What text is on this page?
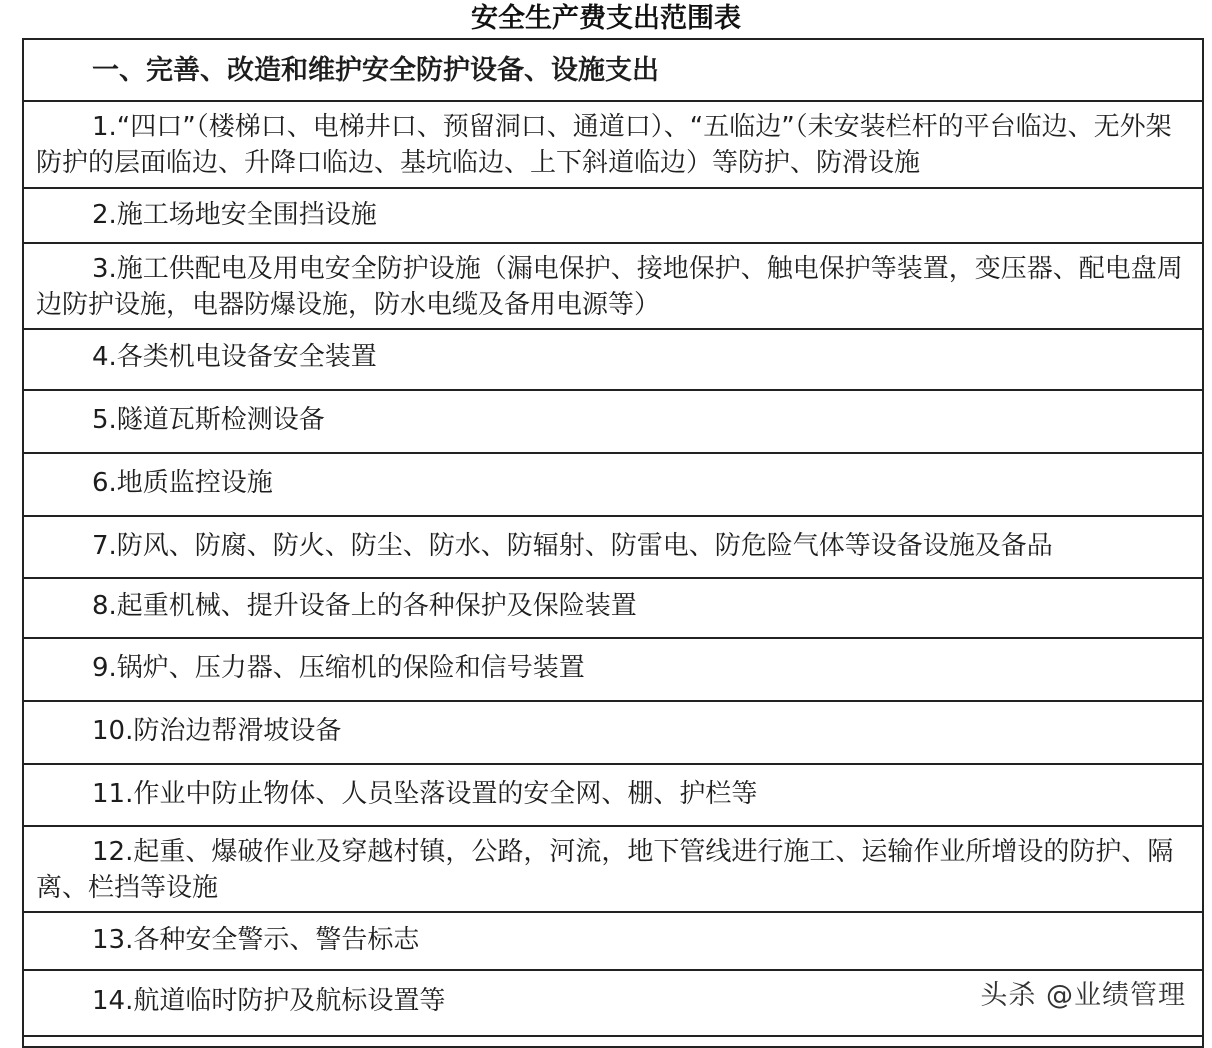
安全生产费支出范围表
一、完善、改造和维护安全防护设备、设施支出
1.“四口”（楼梯口、电梯井口、预留洞口、通道口）、“五临边”（未安装栏杆的平台临边、无外架防护的层面临边、升降口临边、基坑临边、上下斜道临边）等防护、防滑设施
2.施工场地安全围挡设施
3.施工供配电及用电安全防护设施（漏电保护、接地保护、触电保护等装置，变压器、配电盘周边防护设施，电器防爆设施，防水电缆及备用电源等）
4.各类机电设备安全装置
5.隧道瓦斯检测设备
6.地质监控设施
7.防风、防腐、防火、防尘、防水、防辐射、防雷电、防危险气体等设备设施及备品
8.起重机械、提升设备上的各种保护及保险装置
9.锅炉、压力器、压缩机的保险和信号装置
10.防治边帮滑坡设备
11.作业中防止物体、人员坠落设置的安全网、棚、护栏等
12.起重、爆破作业及穿越村镇，公路，河流，地下管线进行施工、运输作业所增设的防护、隔离、栏挡等设施
13.各种安全警示、警告标志
14.航道临时防护及航标设置等	头杀 @业绩管理
